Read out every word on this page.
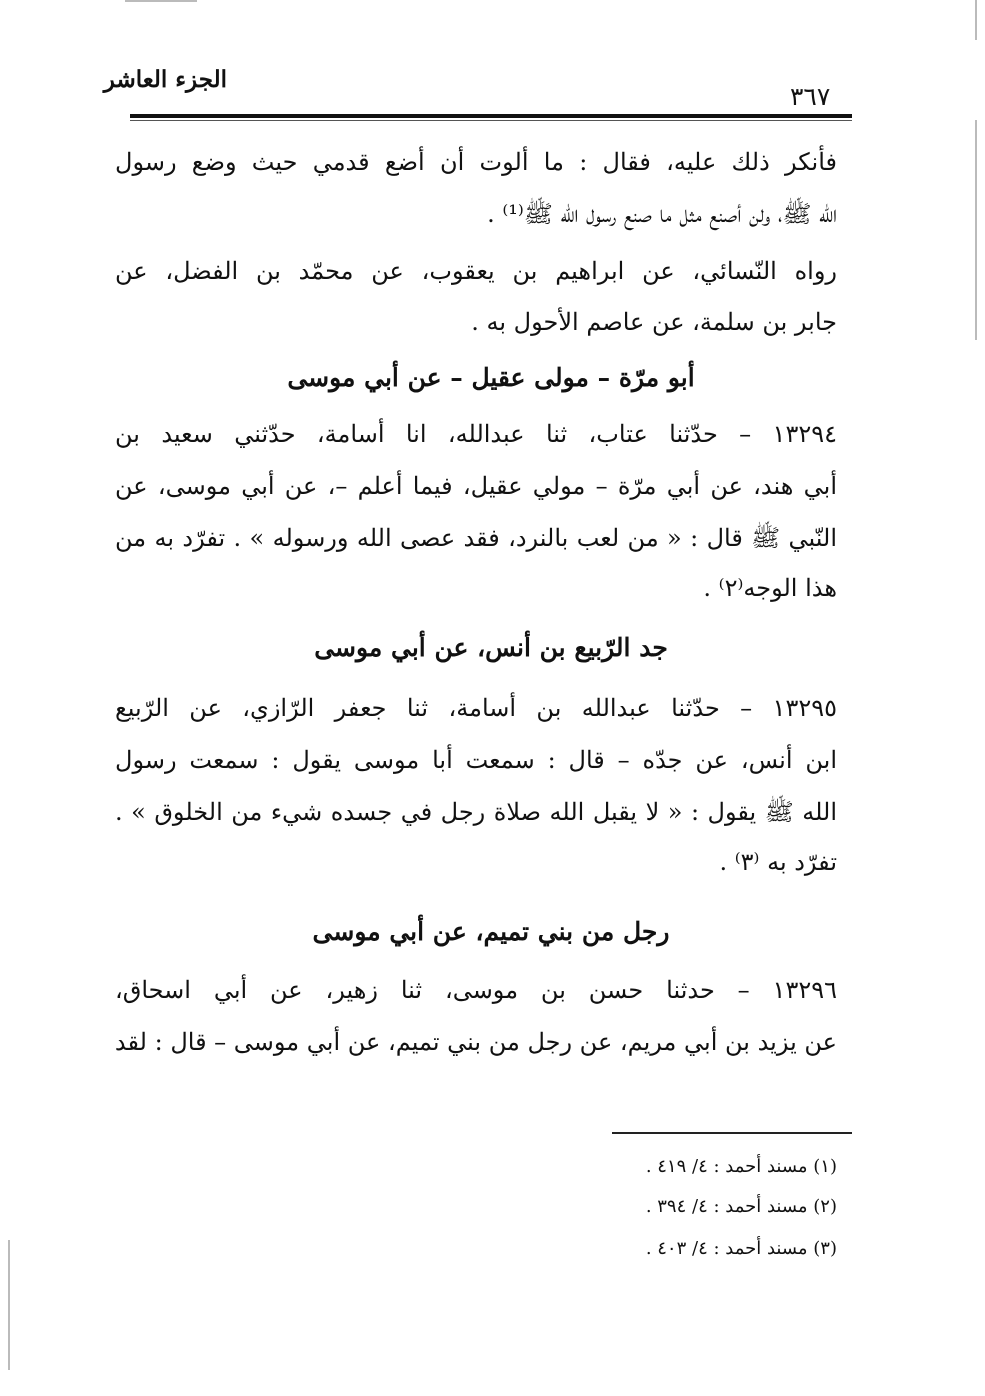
الجزء العاشر
٣٦٧
فأنكر ذلك عليه، فقال : ما ألوت أن أضع قدمي حيث وضع رسول
الله ﷺ، ولن أصنع مثل ما صنع رسول الله ﷺ⁽¹⁾ .
رواه النّسائي، عن ابراهيم بن يعقوب، عن محمّد بن الفضل، عن
جابر بن سلمة، عن عاصم الأحول به .
أبو مرّة – مولى عقيل – عن أبي موسى
١٣٢٩٤ – حدّثنا عتاب، ثنا عبدالله، انا أسامة، حدّثني سعيد بن
أبي هند، عن أبي مرّة – مولي عقيل، فيما أعلم –، عن أبي موسى، عن
النّبي ﷺ قال : « من لعب بالنرد، فقد عصى الله ورسوله » . تفرّد به من
هذا الوجه⁽٢⁾ .
جد الرّبيع بن أنس، عن أبي موسى
١٣٢٩٥ – حدّثنا عبدالله بن أسامة، ثنا جعفر الرّازي، عن الرّبيع
ابن أنس، عن جدّه – قال : سمعت أبا موسى يقول : سمعت رسول
الله ﷺ يقول : « لا يقبل الله صلاة رجل في جسده شيء من الخلوق » .
تفرّد به ⁽٣⁾ .
رجل من بني تميم، عن أبي موسى
١٣٢٩٦ – حدثنا حسن بن موسى، ثنا زهير، عن أبي اسحاق،
عن يزيد بن أبي مريم، عن رجل من بني تميم، عن أبي موسى – قال : لقد
(١) مسند أحمد : ٤/ ٤١٩ .
(٢) مسند أحمد : ٤/ ٣٩٤ .
(٣) مسند أحمد : ٤/ ٤٠٣ .
